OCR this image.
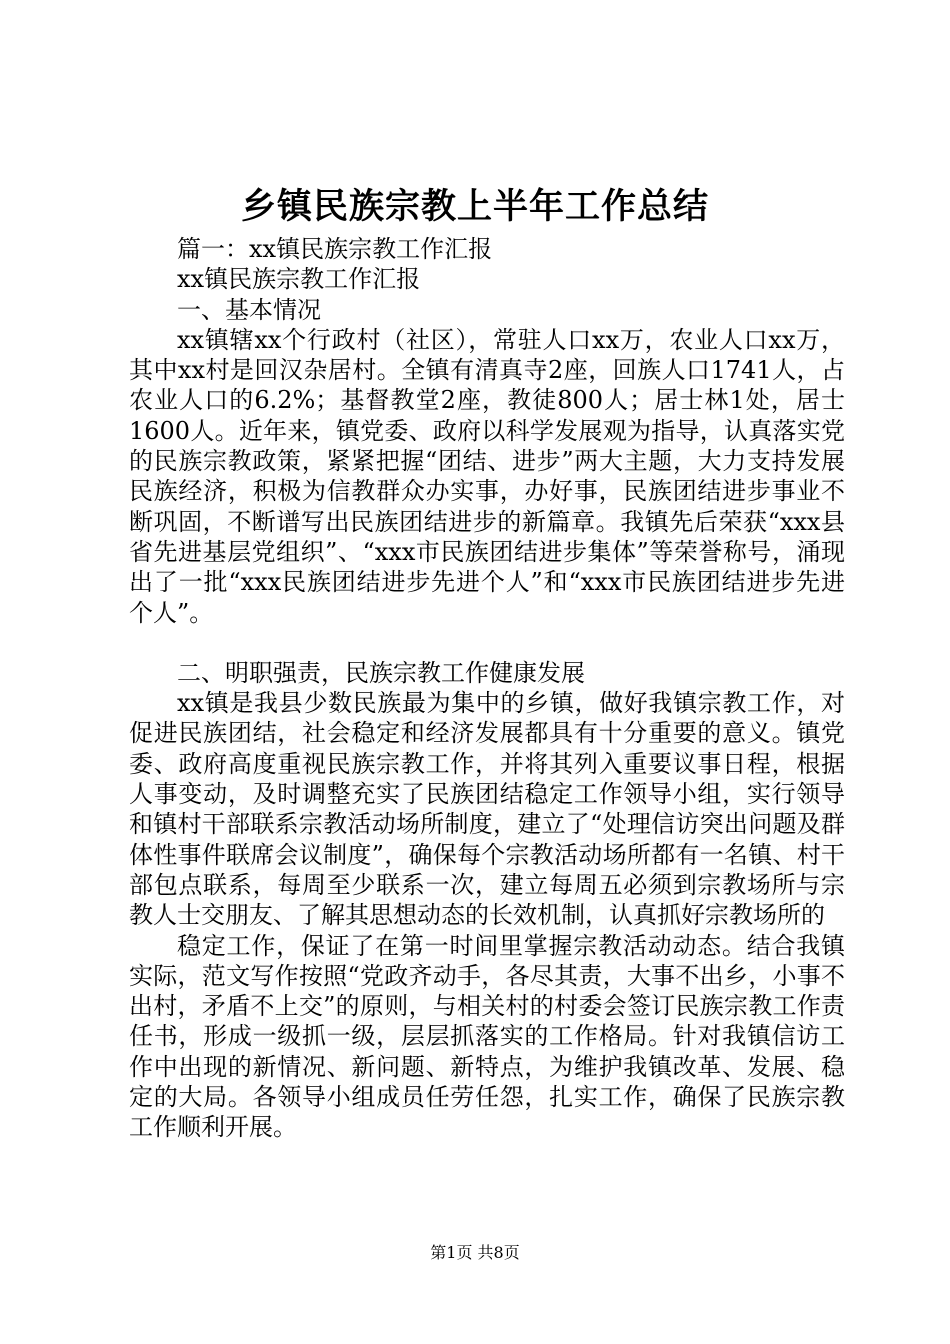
乡镇民族宗教上半年工作总结

篇一：xx镇民族宗教工作汇报

xx镇民族宗教工作汇报

一、基本情况

xx镇辖xx个行政村（社区），常驻人口xx万，农业人口xx万，其中xx村是回汉杂居村。全镇有清真寺2座，回族人口1741人，占农业人口的6.2%；基督教堂2座，教徒800人；居士林1处，居士1600人。近年来，镇党委、政府以科学发展观为指导，认真落实党的民族宗教政策，紧紧把握“团结、进步”两大主题，大力支持发展民族经济，积极为信教群众办实事，办好事，民族团结进步事业不断巩固，不断谱写出民族团结进步的新篇章。我镇先后荣获“xxx县省先进基层党组织”、“xxx市民族团结进步集体”等荣誉称号，涌现出了一批“xxx民族团结进步先进个人”和“xxx市民族团结进步先进个人”。

二、明职强责，民族宗教工作健康发展

xx镇是我县少数民族最为集中的乡镇，做好我镇宗教工作，对促进民族团结，社会稳定和经济发展都具有十分重要的意义。镇党委、政府高度重视民族宗教工作，并将其列入重要议事日程，根据人事变动，及时调整充实了民族团结稳定工作领导小组，实行领导和镇村干部联系宗教活动场所制度，建立了“处理信访突出问题及群体性事件联席会议制度”，确保每个宗教活动场所都有一名镇、村干部包点联系，每周至少联系一次，建立每周五必须到宗教场所与宗教人士交朋友、了解其思想动态的长效机制，认真抓好宗教场所的

稳定工作，保证了在第一时间里掌握宗教活动动态。结合我镇实际，范文写作按照“党政齐动手，各尽其责，大事不出乡，小事不出村，矛盾不上交”的原则，与相关村的村委会签订民族宗教工作责任书，形成一级抓一级，层层抓落实的工作格局。针对我镇信访工作中出现的新情况、新问题、新特点，为维护我镇改革、发展、稳定的大局。各领导小组成员任劳任怨，扎实工作，确保了民族宗教工作顺利开展。

第1页 共8页
